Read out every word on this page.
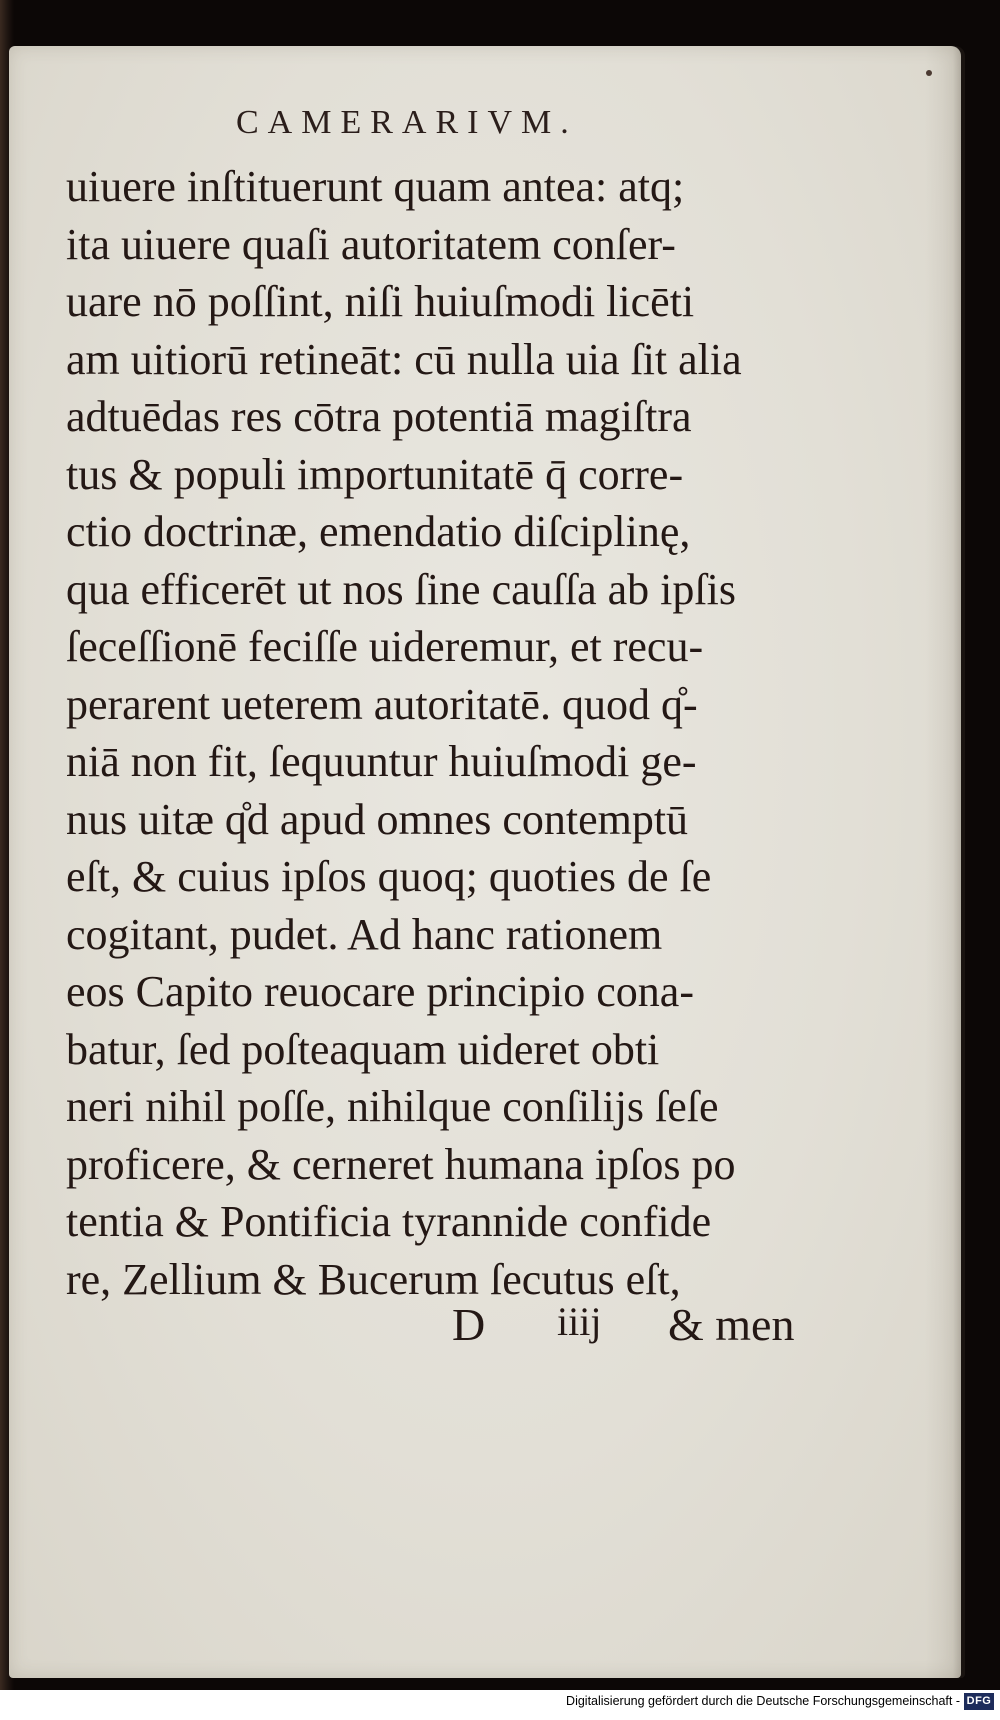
CAMERARIVM.
uiuere inſtituerunt quam antea: atq;
ita uiuere quaſi autoritatem conſer-
uare nō poſſint, niſi huiuſmodi licēti
am uitiorū retineāt: cū nulla uia ſit alia
adtuēdas res cōtra potentiā magiſtra
tus & populi importunitatē q̄ corre-
ctio doctrinæ, emendatio diſciplinę,
qua efficerēt ut nos ſine cauſſa ab ipſis
ſeceſſionē feciſſe uideremur, et recu-
perarent ueterem autoritatē. quod q̊-
niā non fit, ſequuntur huiuſmodi ge-
nus uitæ q̊d apud omnes contemptū
eſt, & cuius ipſos quoq; quoties de ſe
cogitant, pudet. Ad hanc rationem
eos Capito reuocare principio cona-
batur, ſed poſteaquam uideret obti
neri nihil poſſe, nihilque conſilijs ſeſe
proficere, & cerneret humana ipſos po
tentia & Pontificia tyrannide confide
re, Zellium & Bucerum ſecutus eſt,
D iiij & men
Digitalisierung gefördert durch die Deutsche Forschungsgemeinschaft - DFG
